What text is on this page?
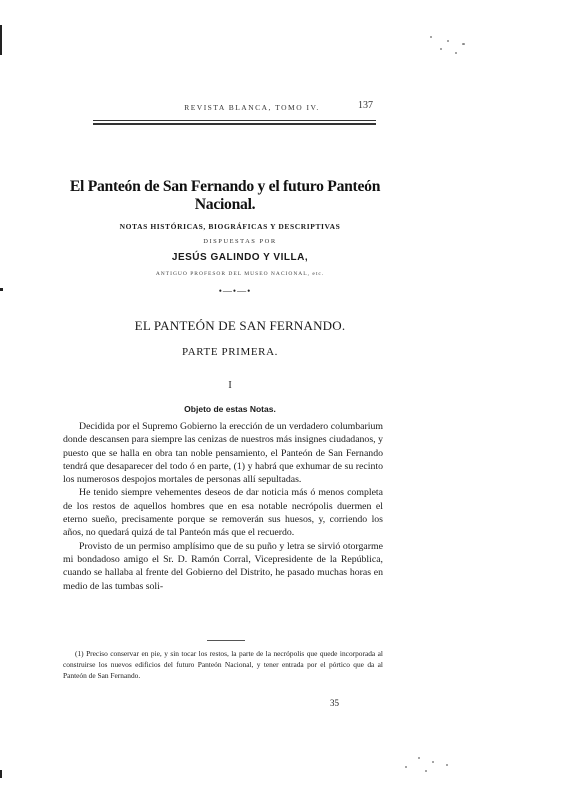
REVISTA BLANCA, TOMO IV.	137
El Panteón de San Fernando y el futuro Panteón Nacional.
NOTAS HISTÓRICAS, BIOGRÁFICAS Y DESCRIPTIVAS
DISPUESTAS POR
JESÚS GALINDO Y VILLA,
ANTIGUO PROFESOR DEL MUSEO NACIONAL, etc.
•—•—•
EL PANTEÓN DE SAN FERNANDO.
PARTE PRIMERA.
I
Objeto de estas Notas.

Decidida por el Supremo Gobierno la erección de un verdadero columbarium donde descansen para siempre las cenizas de nuestros más insignes ciudadanos, y puesto que se halla en obra tan noble pensamiento, el Panteón de San Fernando tendrá que desaparecer del todo ó en parte, (1) y habrá que exhumar de su recinto los numerosos despojos mortales de personas allí sepultadas.

He tenido siempre vehementes deseos de dar noticia más ó menos completa de los restos de aquellos hombres que en esa notable necrópolis duermen el eterno sueño, precisamente porque se removerán sus huesos, y, corriendo los años, no quedará quizá de tal Panteón más que el recuerdo.

Provisto de un permiso amplísimo que de su puño y letra se sirvió otorgarme mi bondadoso amigo el Sr. D. Ramón Corral, Vicepresidente de la República, cuando se hallaba al frente del Gobierno del Distrito, he pasado muchas horas en medio de las tumbas soli-

(1) Preciso conservar en pie, y sin tocar los restos, la parte de la necrópolis que quede incorporada al construirse los nuevos edificios del futuro Panteón Nacional, y tener entrada por el pórtico que da al Panteón de San Fernando.
35
